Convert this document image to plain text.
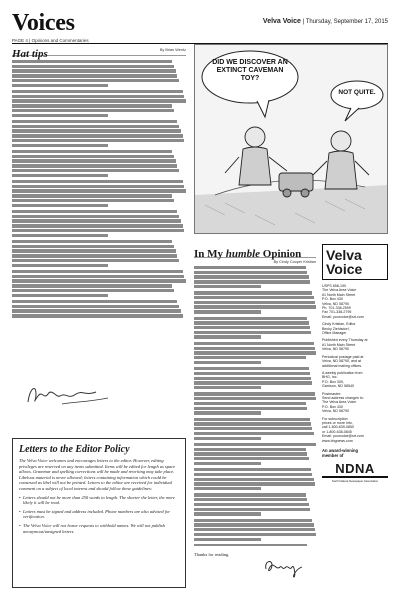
Voices	Velva Voice | Thursday, September 17, 2015
PAGE 4 | Opinions and Commentaries
Hat tips	By Brian Wentz
Letters to the Editor Policy

The Velva Voice welcomes and encourages letters to the editor. However, editing privileges are reserved on any items submitted. Items will be edited for length as space allows. Grammar and spelling corrections will be made and rewriting may take place. Libelous material is never allowed; letters containing information which could be construed as libel will not be printed. Letters to the editor are received for individual comment on a subject of local interest and should follow these guidelines:

• Letters should not be more than 250 words in length. The shorter the letter, the more likely it will be read.
• Letters must be signed and address included. Phone numbers are also advised for verification.
• The Velva Voice will not honor requests to withhold names. We will not publish anonymous/unsigned letters.
DID WE DISCOVER AN EXTINCT CAVEMAN TOY?
NOT QUITE.
In My humble Opinion
By Cindy Cooper Kristian
Thanks for reading.
Velva
Voice
USPS 658-190
The Velva Area Voice
#1 North Main Street
P.O. Box 430
Velva, ND 58790
Ph. 701-338-2599
Fax 701-338-2795
Email: yourvoice@srt.com
Cindy Kristian, Editor
Becky Ziehlsdorf,
Office Manager
Published every Thursday at
#1 North Main Street
Velva, ND 58790
Periodical postage paid at
Velva, ND 58790, and at
additional mailing offices.
A weekly publication from
BHG, Inc.
P.O. Box 309,
Garrison, ND 58540
Postmaster:
Send address changes to:
The Velva Area Voice
P.O. Box 430
Velva, ND 58790
For subscription
prices or more info,
call 1-800-639-0850
or 1-800-638-0845
Email: yourvoice@srt.com
www.bhgnews.com
An award-winning
member of
NDNA
North Dakota Newspaper Association
